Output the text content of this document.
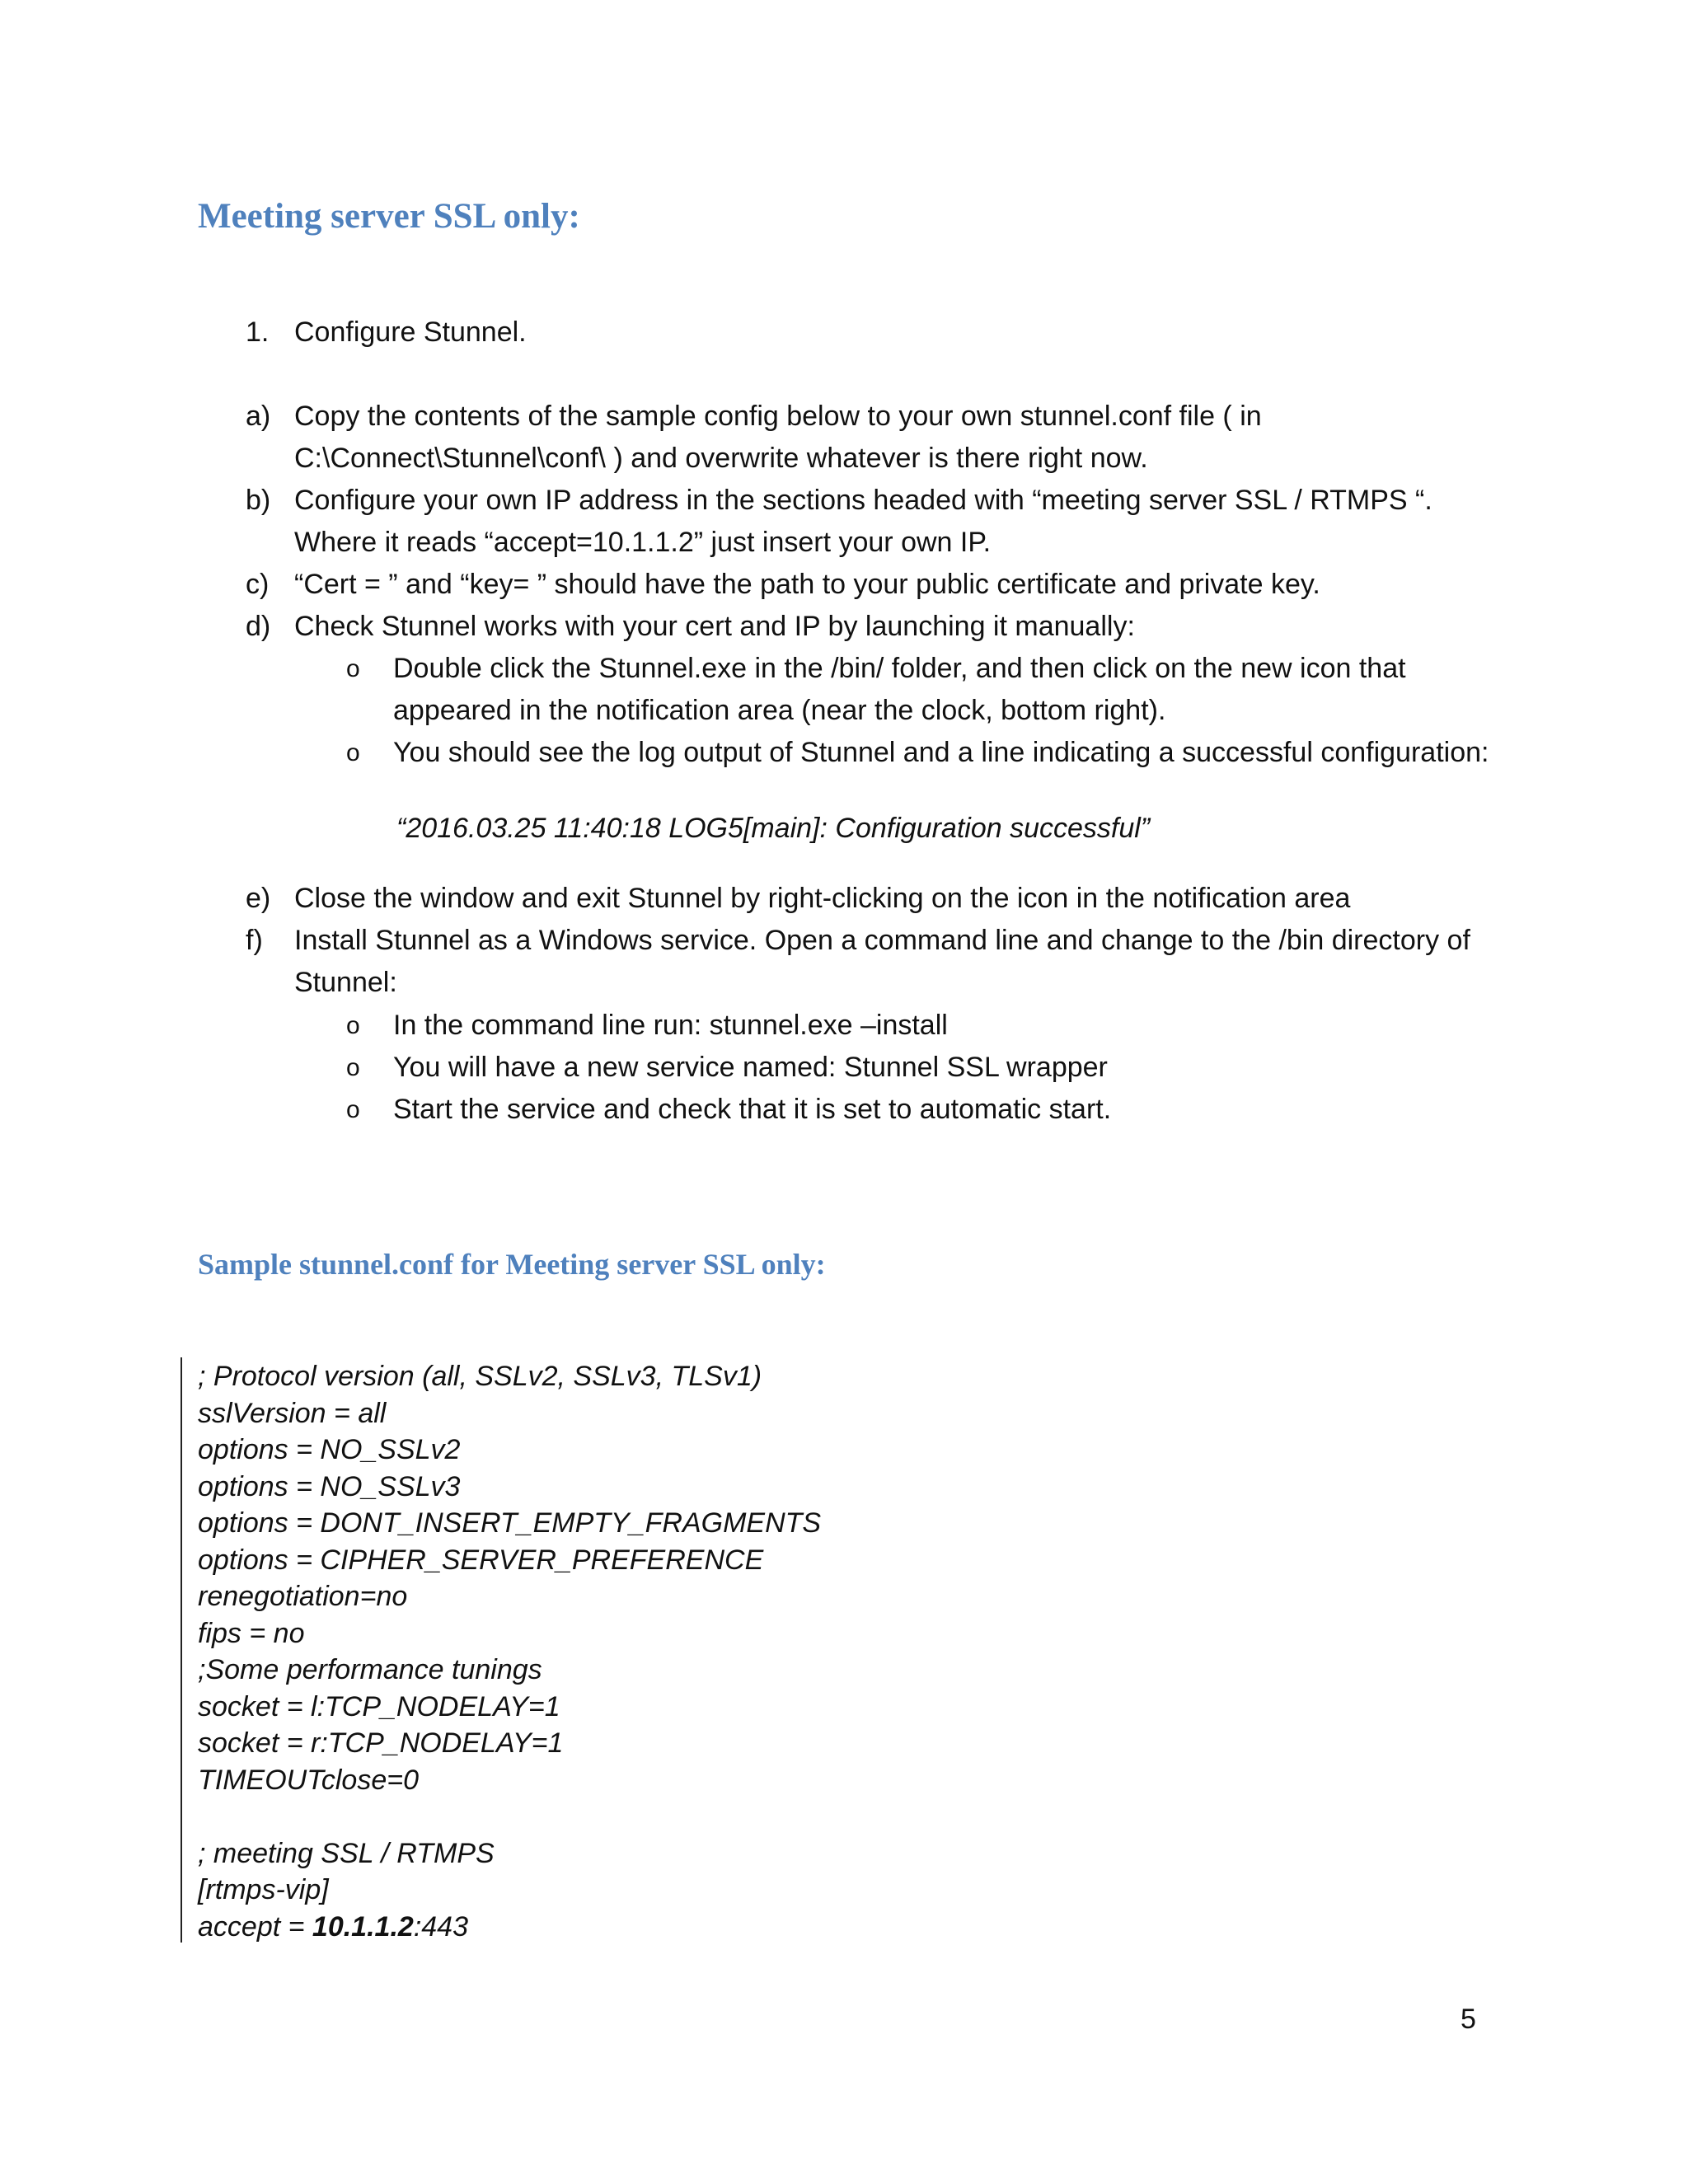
Meeting server SSL only:
1. Configure Stunnel.
a) Copy the contents of the sample config below to your own stunnel.conf file ( in
C:\Connect\Stunnel\conf\ ) and overwrite whatever is there right now.
b) Configure your own IP address in the sections headed with “meeting server SSL / RTMPS “.
Where it reads “accept=10.1.1.2” just insert your own IP.
c) “Cert = ” and “key= ” should have the path to your public certificate and private key.
d) Check Stunnel works with your cert and IP by launching it manually:
o Double click the Stunnel.exe in the /bin/ folder, and then click on the new icon that
appeared in the notification area (near the clock, bottom right).
o You should see the log output of Stunnel and a line indicating a successful configuration:
“2016.03.25 11:40:18 LOG5[main]: Configuration successful”
e) Close the window and exit Stunnel by right-clicking on the icon in the notification area
f) Install Stunnel as a Windows service. Open a command line and change to the /bin directory of
Stunnel:
o In the command line run: stunnel.exe –install
o You will have a new service named: Stunnel SSL wrapper
o Start the service and check that it is set to automatic start.
Sample stunnel.conf for Meeting server SSL only:
; Protocol version (all, SSLv2, SSLv3, TLSv1)
sslVersion = all
options = NO_SSLv2
options = NO_SSLv3
options = DONT_INSERT_EMPTY_FRAGMENTS
options = CIPHER_SERVER_PREFERENCE
renegotiation=no
fips = no
;Some performance tunings
socket = l:TCP_NODELAY=1
socket = r:TCP_NODELAY=1
TIMEOUTclose=0
; meeting SSL / RTMPS
[rtmps-vip]
accept = 10.1.1.2:443
5
